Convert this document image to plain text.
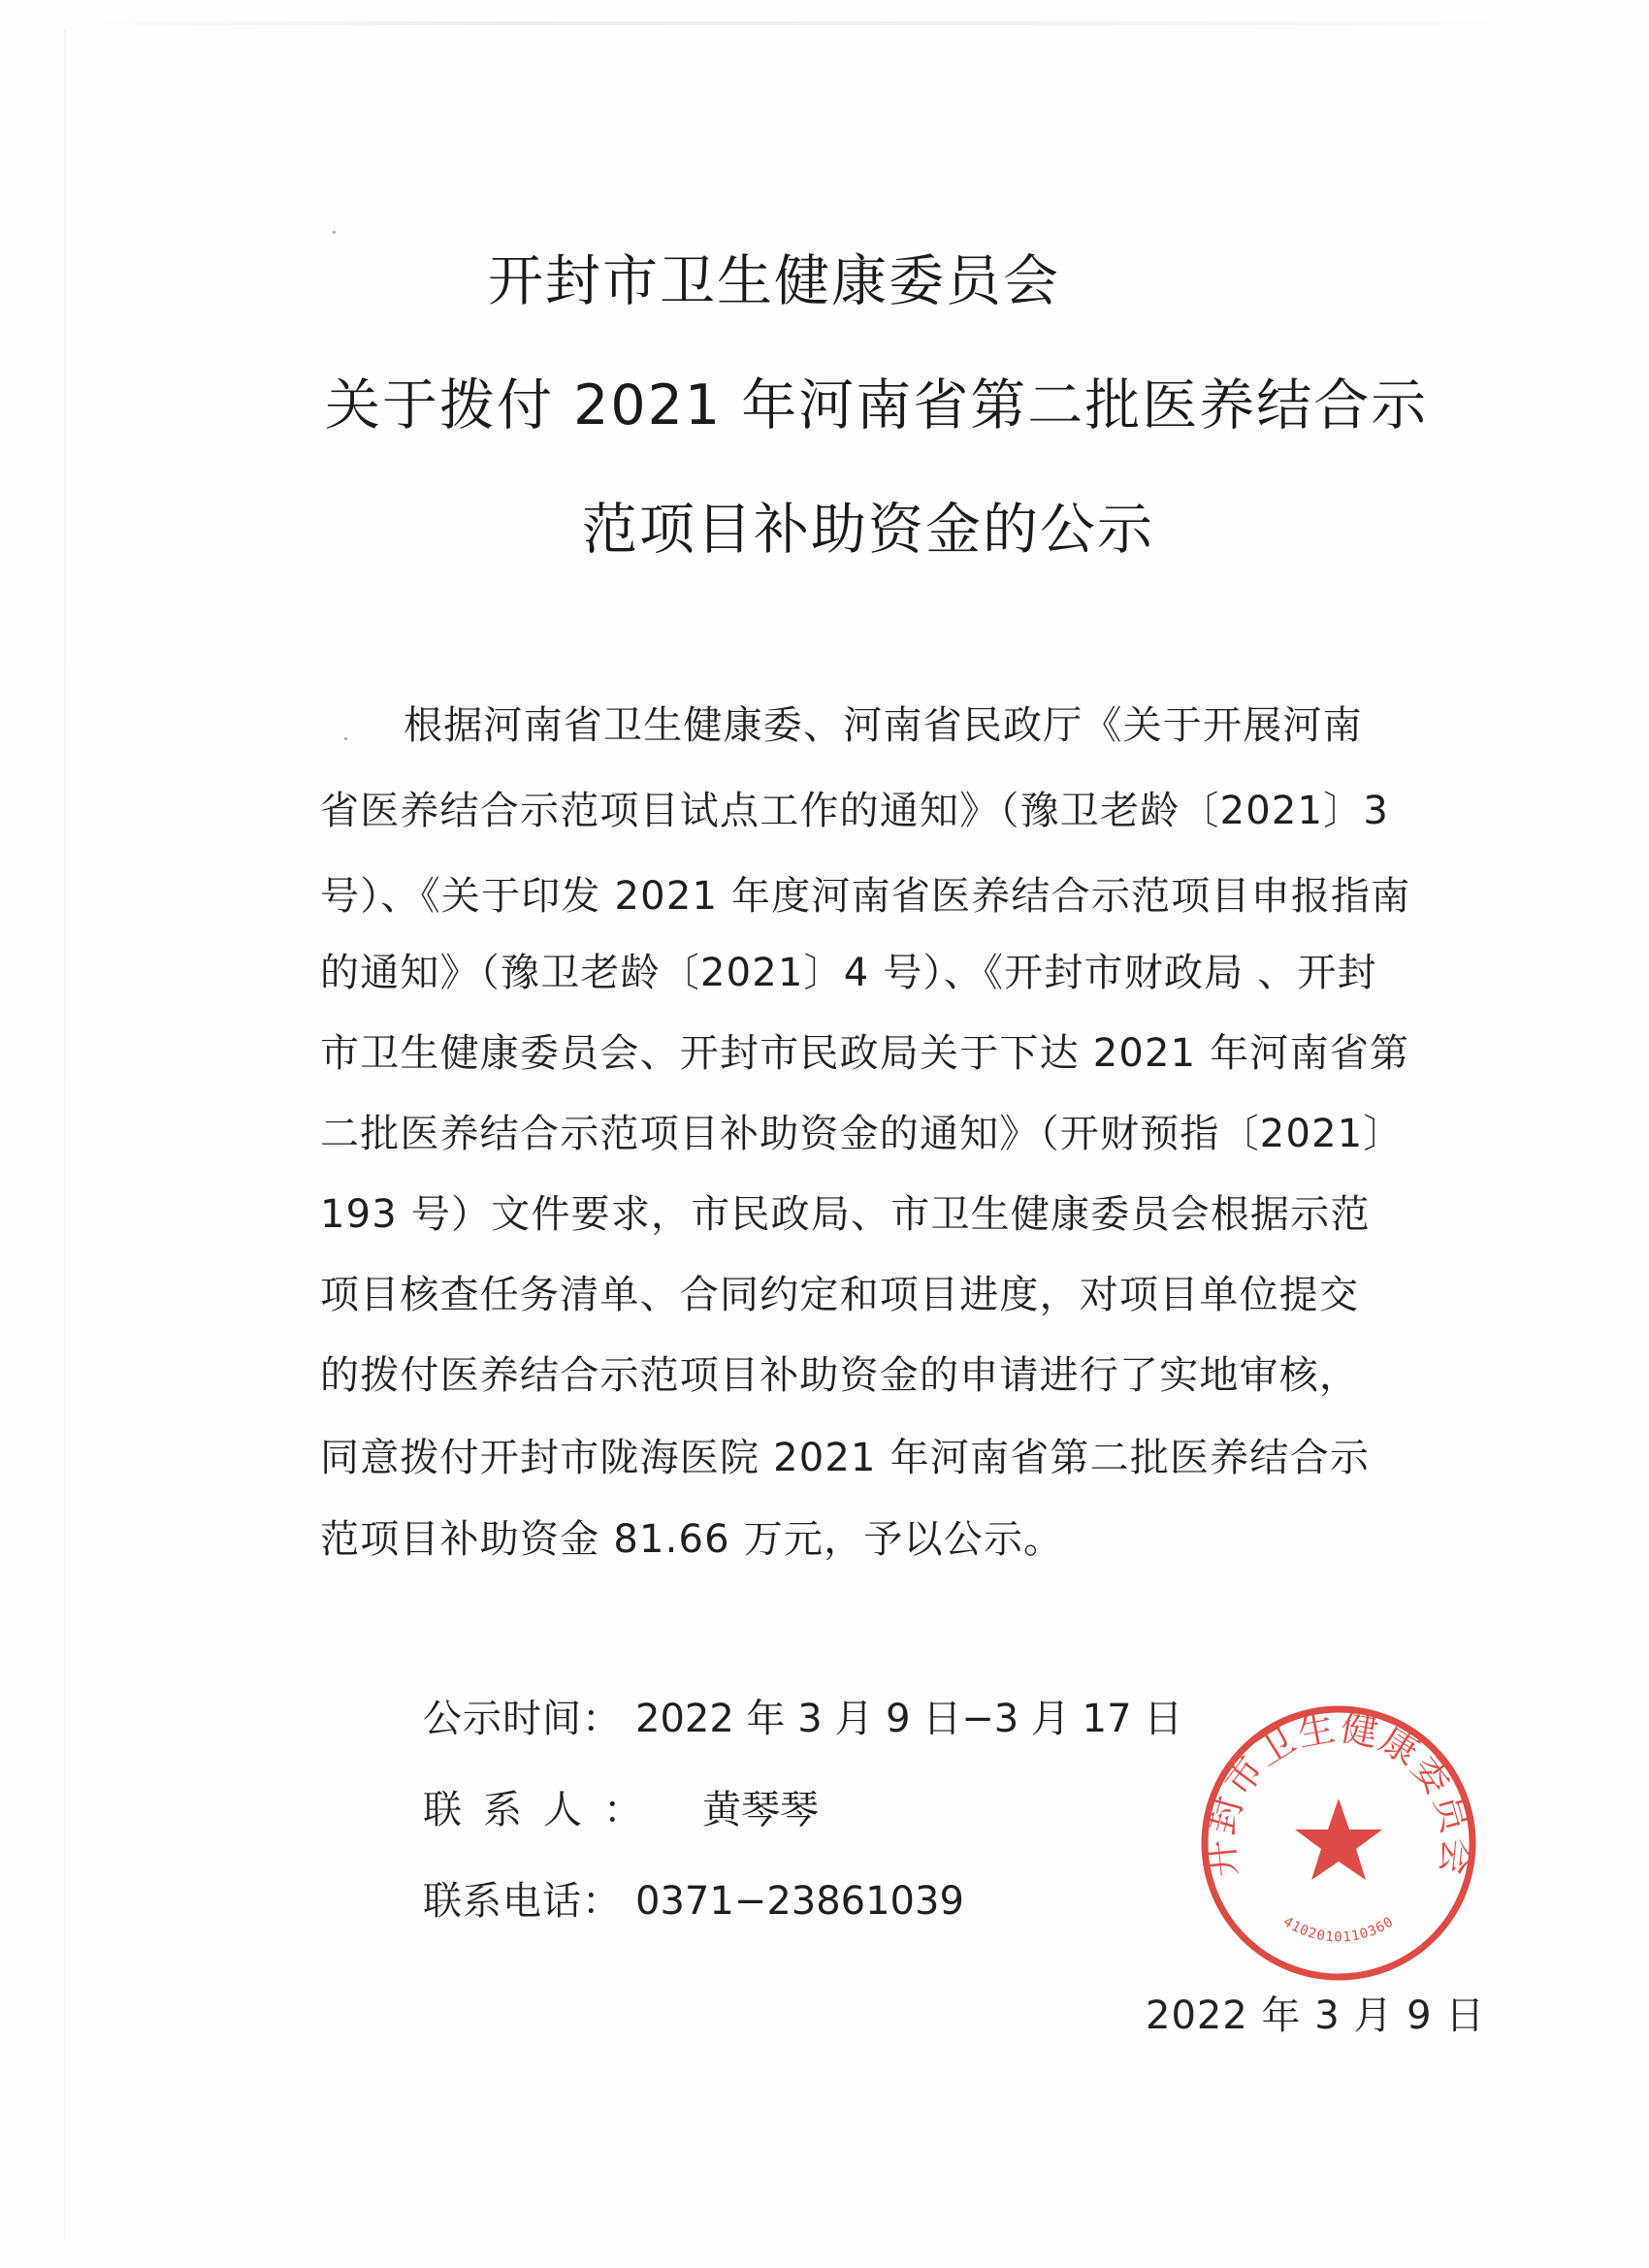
开封市卫生健康委员会
关于拨付 2021 年河南省第二批医养结合示
范项目补助资金的公示
根据河南省卫生健康委、河南省民政厅《关于开展河南
省医养结合示范项目试点工作的通知》（豫卫老龄〔2021〕3
号）、《关于印发 2021 年度河南省医养结合示范项目申报指南
的通知》（豫卫老龄〔2021〕4 号）、《开封市财政局 、开封
市卫生健康委员会、开封市民政局关于下达 2021 年河南省第
二批医养结合示范项目补助资金的通知》（开财预指〔2021〕
193 号）文件要求，市民政局、市卫生健康委员会根据示范
项目核查任务清单、合同约定和项目进度，对项目单位提交
的拨付医养结合示范项目补助资金的申请进行了实地审核，
同意拨付开封市陇海医院 2021 年河南省第二批医养结合示
范项目补助资金 81.66 万元，予以公示。
公示时间： 2022 年 3 月 9 日−3 月 17 日
联系人： 黄琴琴
联系电话： 0371−23861039
2022 年 3 月 9 日
开封市卫生健康委员会
4102010110360
